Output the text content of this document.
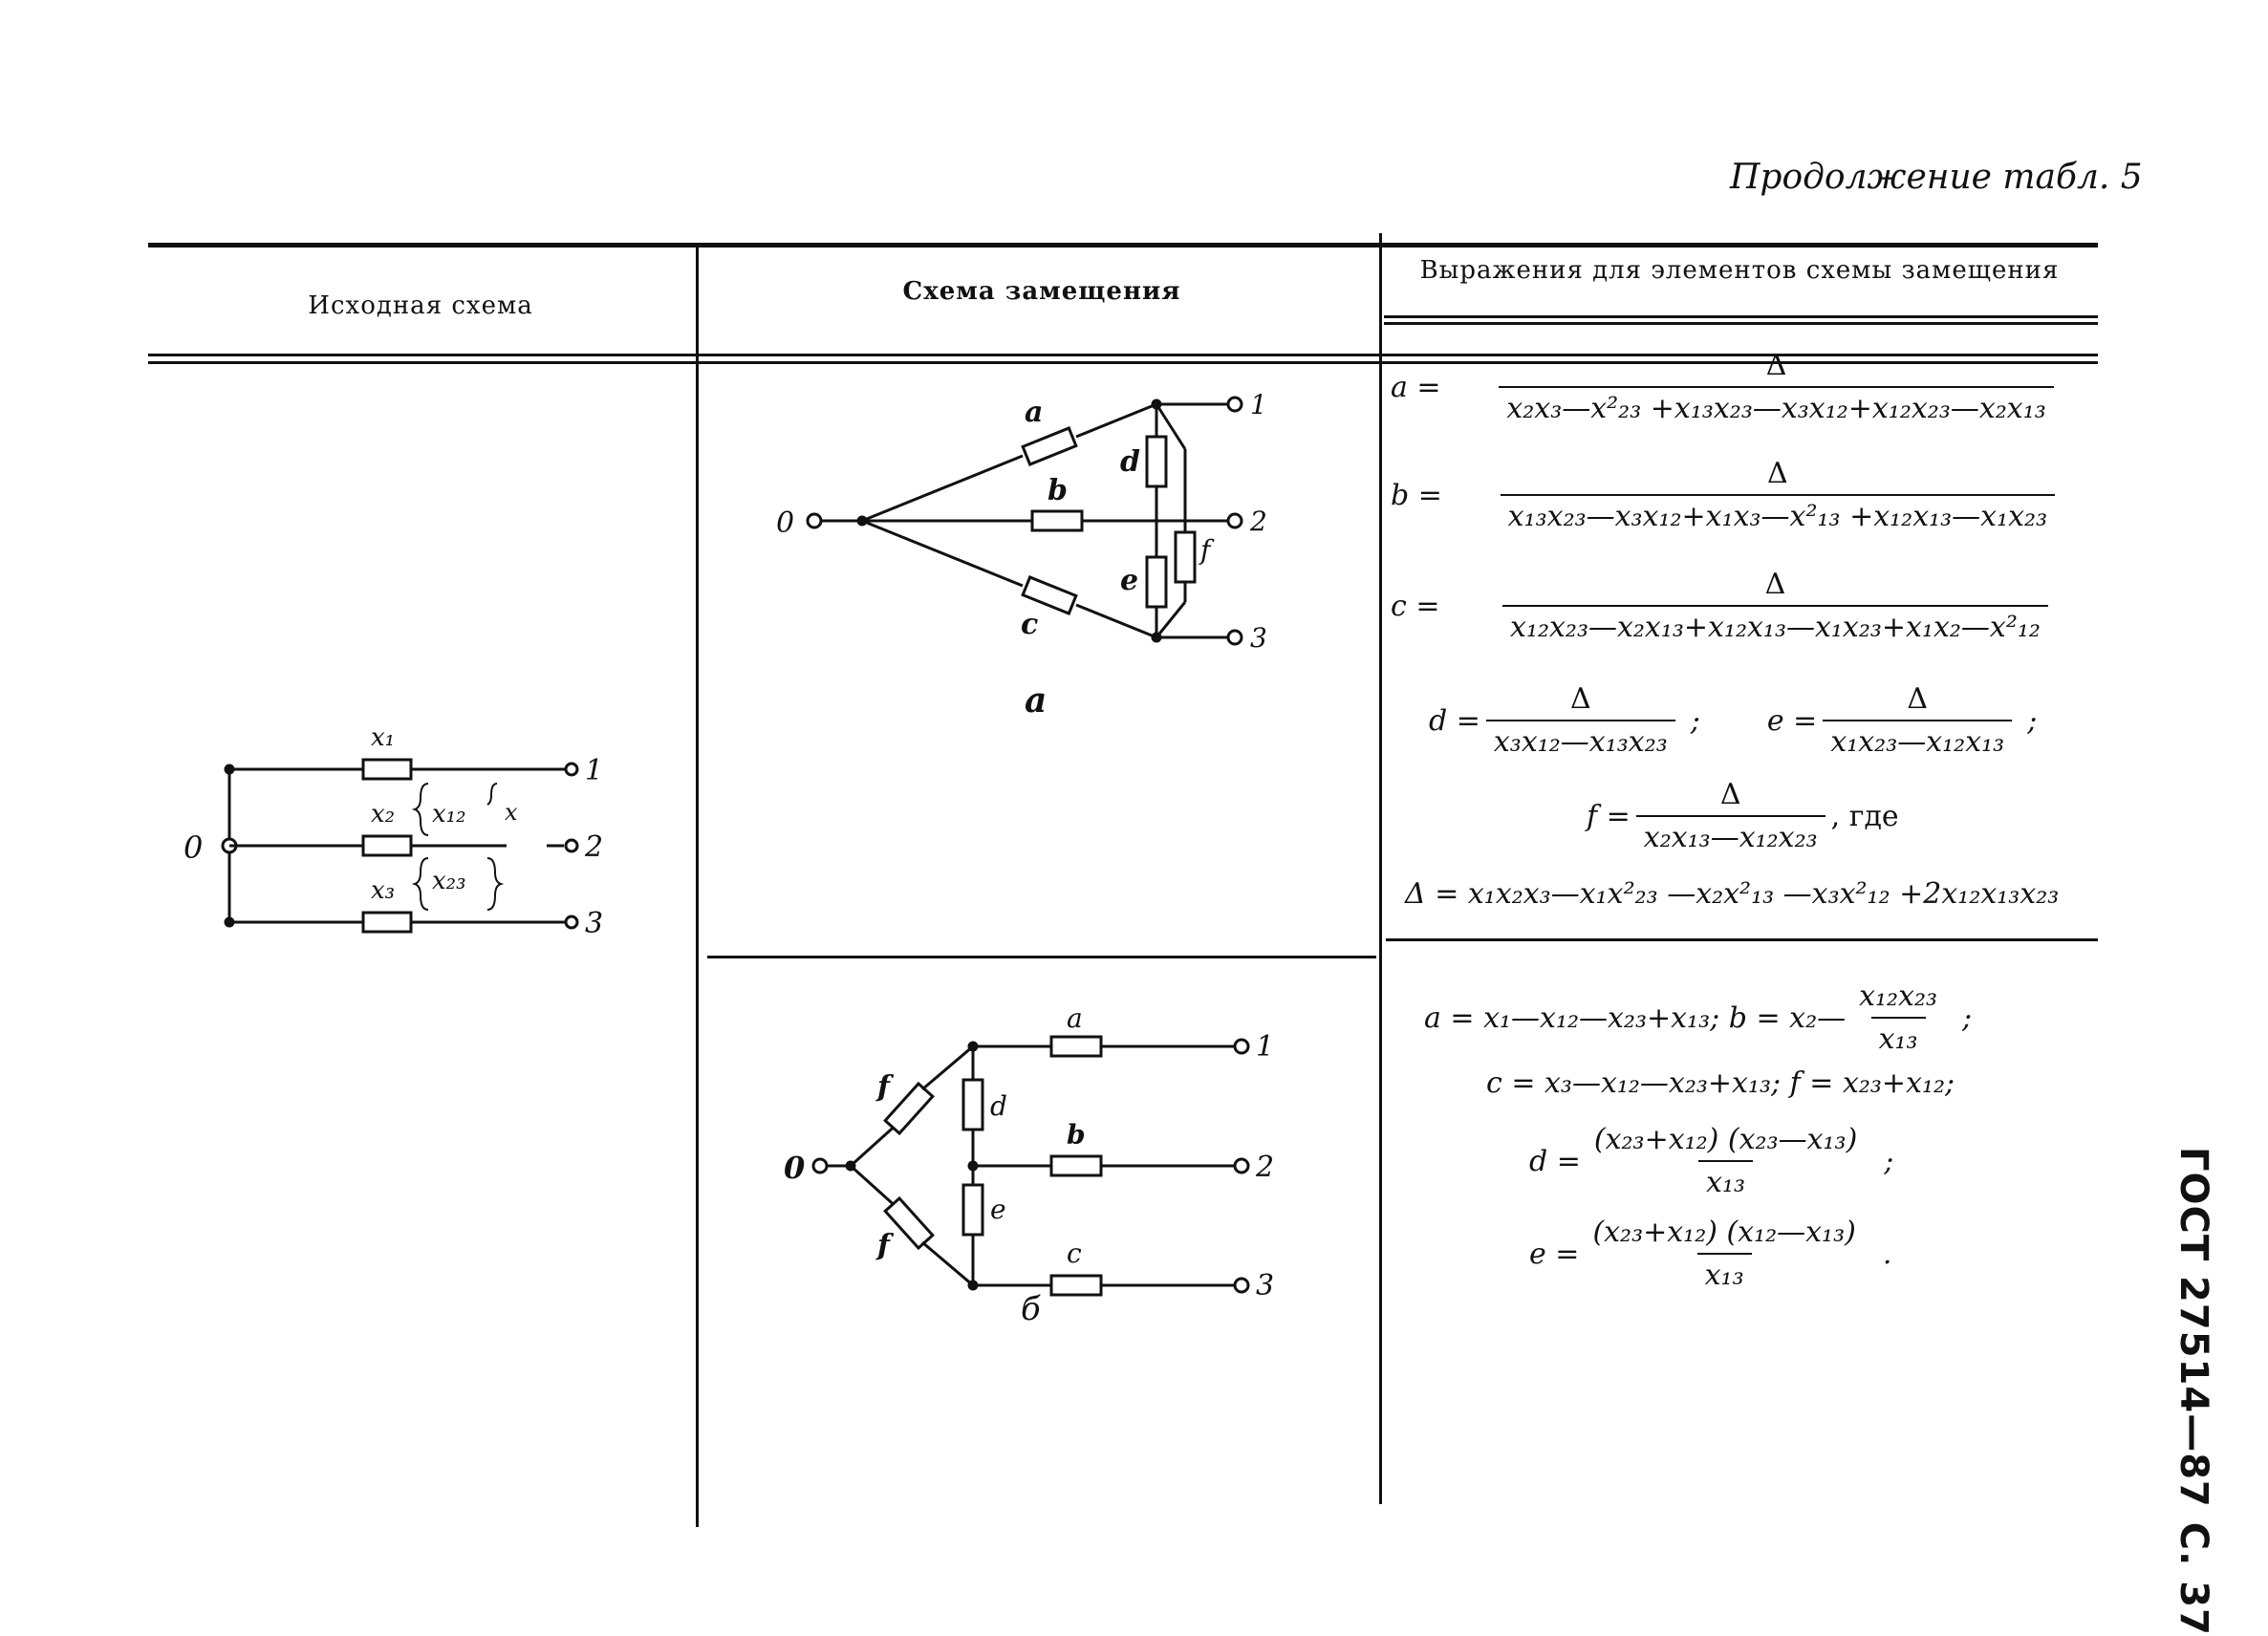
Продолжение табл. 5
Исходная схема	Схема замещения
Выражения для элементов схемы замещения
0
1
2
3
x₁
x₂
x₃
x₁₂
x₂₃
x
0
1
2
3
a
b
c
d
e
f
а
0
1
2
3
f
f
a
d
b
e
c
б
$a = \frac{\Delta}{\text{x₂x₃—x²₂₃ +x₁₃x₂₃—x₃x₁₂+x₁₂x₂₃—x₂x₁₃}}$
$b = \frac{\Delta}{\text{x₁₃x₂₃—x₃x₁₂+x₁x₃—x²₁₃ +x₁₂x₁₃—x₁x₂₃}}$
$c = \frac{\Delta}{\text{x₁₂x₂₃—x₂x₁₃+x₁₂x₁₃—x₁x₂₃+x₁x₂—x²₁₂}}$
$d = \frac{\Delta}{\text{x₃x₁₂—x₁₃x₂₃}}$ ; $e = \frac{\Delta}{\text{x₁x₂₃—x₁₂x₁₃}}$ ;
$f = \frac{\Delta}{\text{x₂x₁₃—x₁₂x₂₃}}$ , где
Δ = x₁x₂x₃—x₁x²₂₃ —x₂x²₁₃ —x₃x²₁₂ +2x₁₂x₁₃x₂₃
a = x₁—x₁₂—x₂₃+x₁₃; b = x₂— $\frac{\text{x₁₂x₂₃}}{\text{x₁₃}}$ ;
c = x₃—x₁₂—x₂₃+x₁₃; f = x₂₃+x₁₂;
$d = \frac{\text{(x₂₃+x₁₂) (x₂₃—x₁₃)}}{\text{x₁₃}}$ ;
$e = \frac{\text{(x₂₃+x₁₂) (x₁₂—x₁₃)}}{\text{x₁₃}}$ .	ГОСТ 27514—87 С. 37
